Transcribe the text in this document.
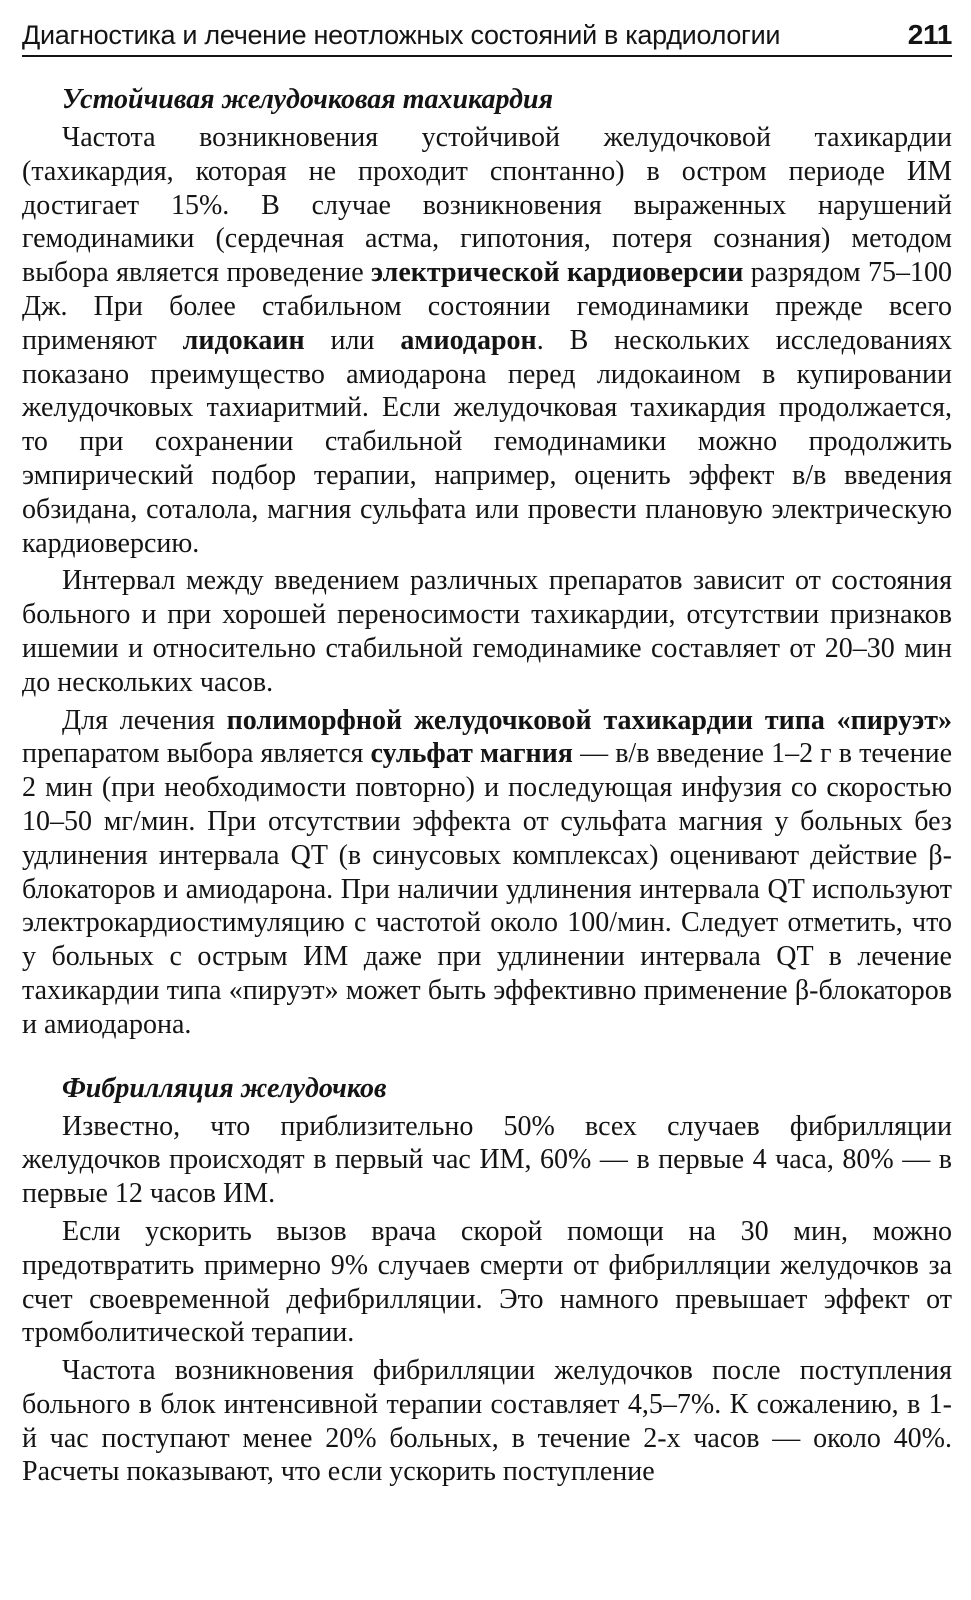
Диагностика и лечение неотложных состояний в кардиологии	211
Устойчивая желудочковая тахикардия

Частота возникновения устойчивой желудочковой тахикардии (тахикардия, которая не проходит спонтанно) в остром периоде ИМ достигает 15%. В случае возникновения выраженных нарушений гемодинамики (сердечная астма, гипотония, потеря сознания) методом выбора является проведение электрической кардиоверсии разрядом 75–100 Дж. При более стабильном состоянии гемодинамики прежде всего применяют лидокаин или амиодарон. В нескольких исследованиях показано преимущество амиодарона перед лидокаином в купировании желудочковых тахиаритмий. Если желудочковая тахикардия продолжается, то при сохранении стабильной гемодинамики можно продолжить эмпирический подбор терапии, например, оценить эффект в/в введения обзидана, соталола, магния сульфата или провести плановую электрическую кардиоверсию.

Интервал между введением различных препаратов зависит от состояния больного и при хорошей переносимости тахикардии, отсутствии признаков ишемии и относительно стабильной гемодинамике составляет от 20–30 мин до нескольких часов.

Для лечения полиморфной желудочковой тахикардии типа «пируэт» препаратом выбора является сульфат магния — в/в введение 1–2 г в течение 2 мин (при необходимости повторно) и последующая инфузия со скоростью 10–50 мг/мин. При отсутствии эффекта от сульфата магния у больных без удлинения интервала QT (в синусовых комплексах) оценивают действие β-блокаторов и амиодарона. При наличии удлинения интервала QT используют электрокардиостимуляцию с частотой около 100/мин. Следует отметить, что у больных с острым ИМ даже при удлинении интервала QT в лечение тахикардии типа «пируэт» может быть эффективно применение β-блокаторов и амиодарона.

Фибрилляция желудочков

Известно, что приблизительно 50% всех случаев фибрилляции желудочков происходят в первый час ИМ, 60% — в первые 4 часа, 80% — в первые 12 часов ИМ.

Если ускорить вызов врача скорой помощи на 30 мин, можно предотвратить примерно 9% случаев смерти от фибрилляции желудочков за счет своевременной дефибрилляции. Это намного превышает эффект от тромболитической терапии.

Частота возникновения фибрилляции желудочков после поступления больного в блок интенсивной терапии составляет 4,5–7%. К сожалению, в 1-й час поступают менее 20% больных, в течение 2-х часов — около 40%. Расчеты показывают, что если ускорить поступление
